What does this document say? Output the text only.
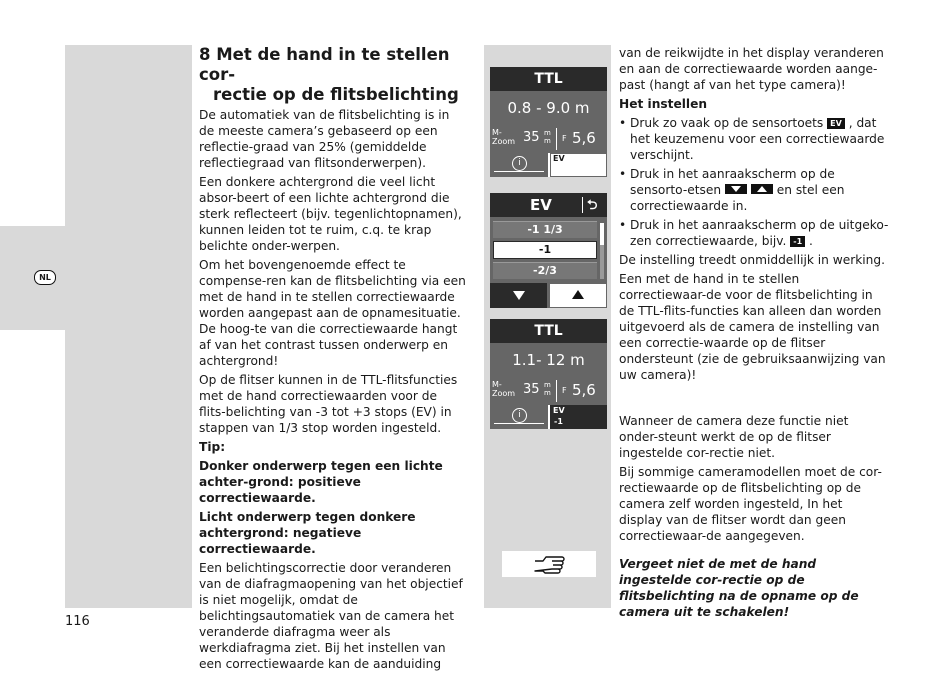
NL
8 Met de hand in te stellen cor-
rectie op de flitsbelichting

De automatiek van de flitsbelichting is in de meeste camera’s gebaseerd op een reflectie-graad van 25% (gemiddelde reflectiegraad van flitsonderwerpen).

Een donkere achtergrond die veel licht absor-beert of een lichte achtergrond die sterk reflecteert (bijv. tegenlichtopnamen), kunnen leiden tot te ruim, c.q. te krap belichte onder-werpen.

Om het bovengenoemde effect te compense-ren kan de flitsbelichting via een met de hand in te stellen correctiewaarde worden aangepast aan de opnamesituatie. De hoog-te van die correctiewaarde hangt af van het contrast tussen onderwerp en achtergrond!

Op de flitser kunnen in de TTL-flitsfuncties met de hand correctiewaarden voor de flits-belichting van -3 tot +3 stops (EV) in stappen van 1/3 stop worden ingesteld.

Tip:

Donker onderwerp tegen een lichte achter-grond: positieve correctiewaarde.

Licht onderwerp tegen donkere achtergrond: negatieve correctiewaarde.

Een belichtingscorrectie door veranderen van de diafragmaopening van het objectief is niet mogelijk, omdat de belichtingsautomatiek van de camera het veranderde diafragma weer als werkdiafragma ziet. Bij het instellen van een correctiewaarde kan de aanduiding

TTL
0.8 - 9.0 m
M-
Zoom 35 m
m F 5,6
i	EV
EV	⮌
-1 1/3
-1
-2/3
TTL
1.1- 12 m
M-
Zoom 35 m
m F 5,6
i	EV
-1

van de reikwijdte in het display veranderen en aan de correctiewaarde worden aange-past (hangt af van het type camera)!

Het instellen

• Druk zo vaak op de sensortoets EV , dat het keuzemenu voor een correctiewaarde verschijnt.
• Druk in het aanraakscherm op de sensorto-etsen	en stel een correctiewaarde in.
• Druk in het aanraakscherm op de uitgeko-zen correctiewaarde, bijv. -1 .

De instelling treedt onmiddellijk in werking.

Een met de hand in te stellen correctiewaar-de voor de flitsbelichting in de TTL-flits-functies kan alleen dan worden uitgevoerd als de camera de instelling van een correctie-waarde op de flitser ondersteunt (zie de gebruiksaanwijzing van uw camera)!

Wanneer de camera deze functie niet onder-steunt werkt de op de flitser ingestelde cor-rectie niet.

Bij sommige cameramodellen moet de cor-rectiewaarde op de flitsbelichting op de camera zelf worden ingesteld, In het display van de flitser wordt dan geen correctiewaar-de aangegeven.

Vergeet niet de met de hand ingestelde cor-rectie op de flitsbelichting na de opname op de camera uit te schakelen!

116
